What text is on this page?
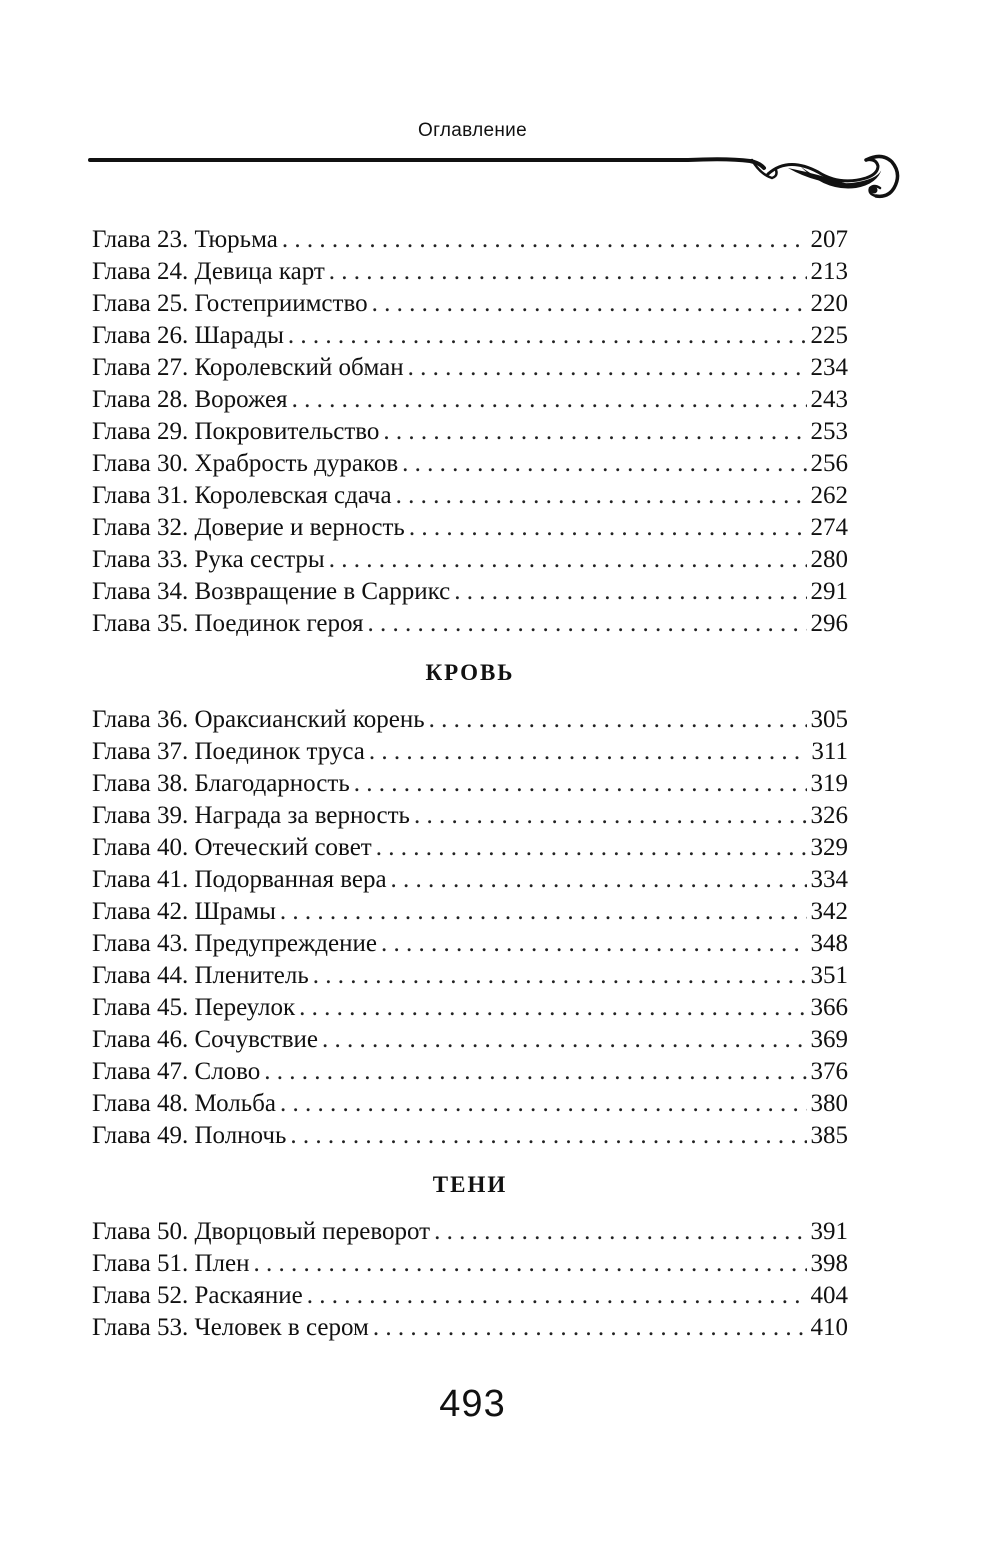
Оглавление
Глава 23. Тюрьма . . .	207
Глава 24. Девица карт . . .	213
Глава 25. Гостеприимство . . .	220
Глава 26. Шарады . . .	225
Глава 27. Королевский обман . . .	234
Глава 28. Ворожея . . .	243
Глава 29. Покровительство . . .	253
Глава 30. Храбрость дураков . . .	256
Глава 31. Королевская сдача . . .	262
Глава 32. Доверие и верность . . .	274
Глава 33. Рука сестры . . .	280
Глава 34. Возвращение в Саррикс . . .	291
Глава 35. Поединок героя . . .	296
КРОВЬ
Глава 36. Ораксианский корень . . .	305
Глава 37. Поединок труса . . .	311
Глава 38. Благодарность . . .	319
Глава 39. Награда за верность . . .	326
Глава 40. Отеческий совет . . .	329
Глава 41. Подорванная вера . . .	334
Глава 42. Шрамы . . .	342
Глава 43. Предупреждение . . .	348
Глава 44. Пленитель . . .	351
Глава 45. Переулок . . .	366
Глава 46. Сочувствие . . .	369
Глава 47. Слово . . .	376
Глава 48. Мольба . . .	380
Глава 49. Полночь . . .	385
ТЕНИ
Глава 50. Дворцовый переворот . . .	391
Глава 51. Плен . . .	398
Глава 52. Раскаяние . . .	404
Глава 53. Человек в сером . . .	410
493
